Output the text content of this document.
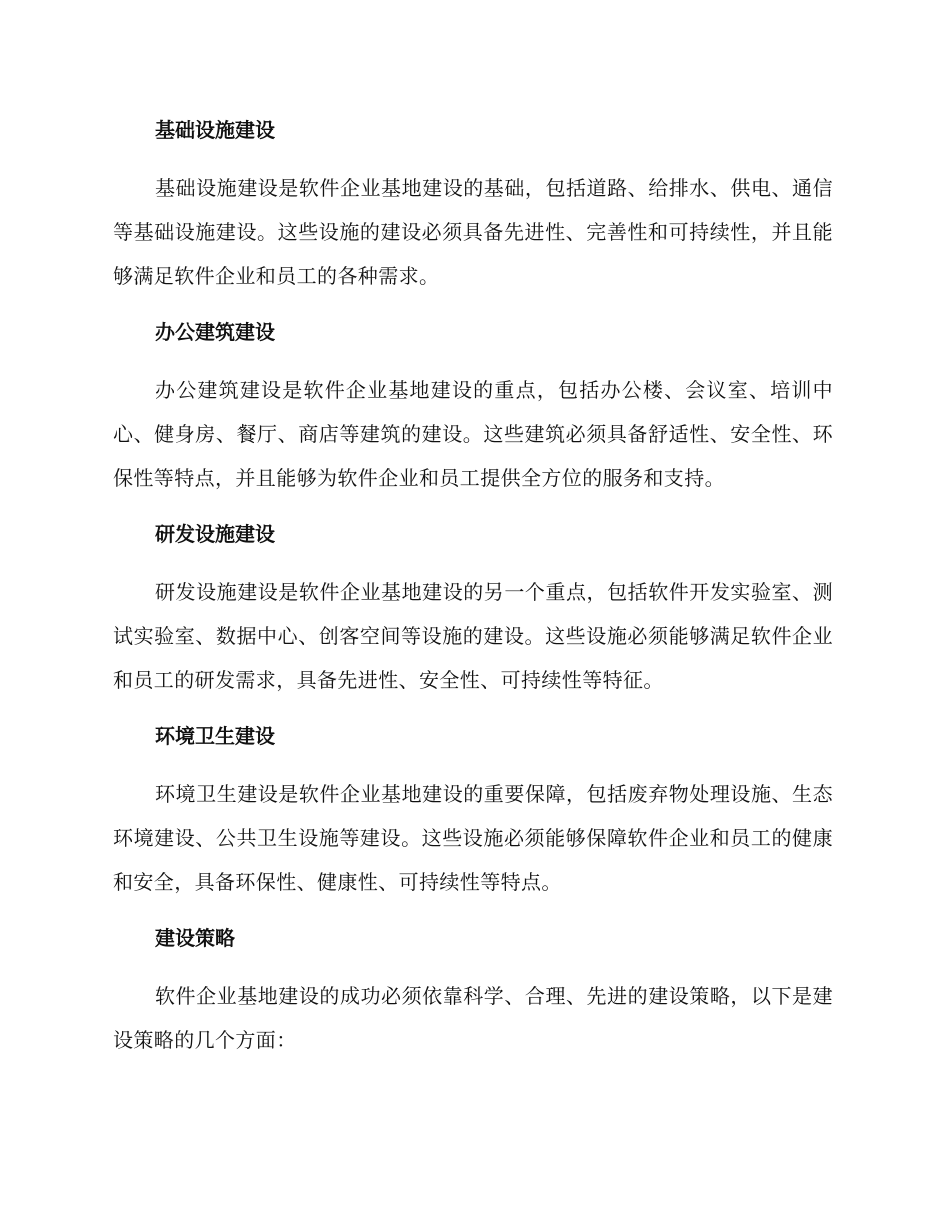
基础设施建设

基础设施建设是软件企业基地建设的基础，包括道路、给排水、供电、通信等基础设施建设。这些设施的建设必须具备先进性、完善性和可持续性，并且能够满足软件企业和员工的各种需求。

办公建筑建设

办公建筑建设是软件企业基地建设的重点，包括办公楼、会议室、培训中心、健身房、餐厅、商店等建筑的建设。这些建筑必须具备舒适性、安全性、环保性等特点，并且能够为软件企业和员工提供全方位的服务和支持。

研发设施建设

研发设施建设是软件企业基地建设的另一个重点，包括软件开发实验室、测试实验室、数据中心、创客空间等设施的建设。这些设施必须能够满足软件企业和员工的研发需求，具备先进性、安全性、可持续性等特征。

环境卫生建设

环境卫生建设是软件企业基地建设的重要保障，包括废弃物处理设施、生态环境建设、公共卫生设施等建设。这些设施必须能够保障软件企业和员工的健康和安全，具备环保性、健康性、可持续性等特点。

建设策略

软件企业基地建设的成功必须依靠科学、合理、先进的建设策略，以下是建设策略的几个方面：
